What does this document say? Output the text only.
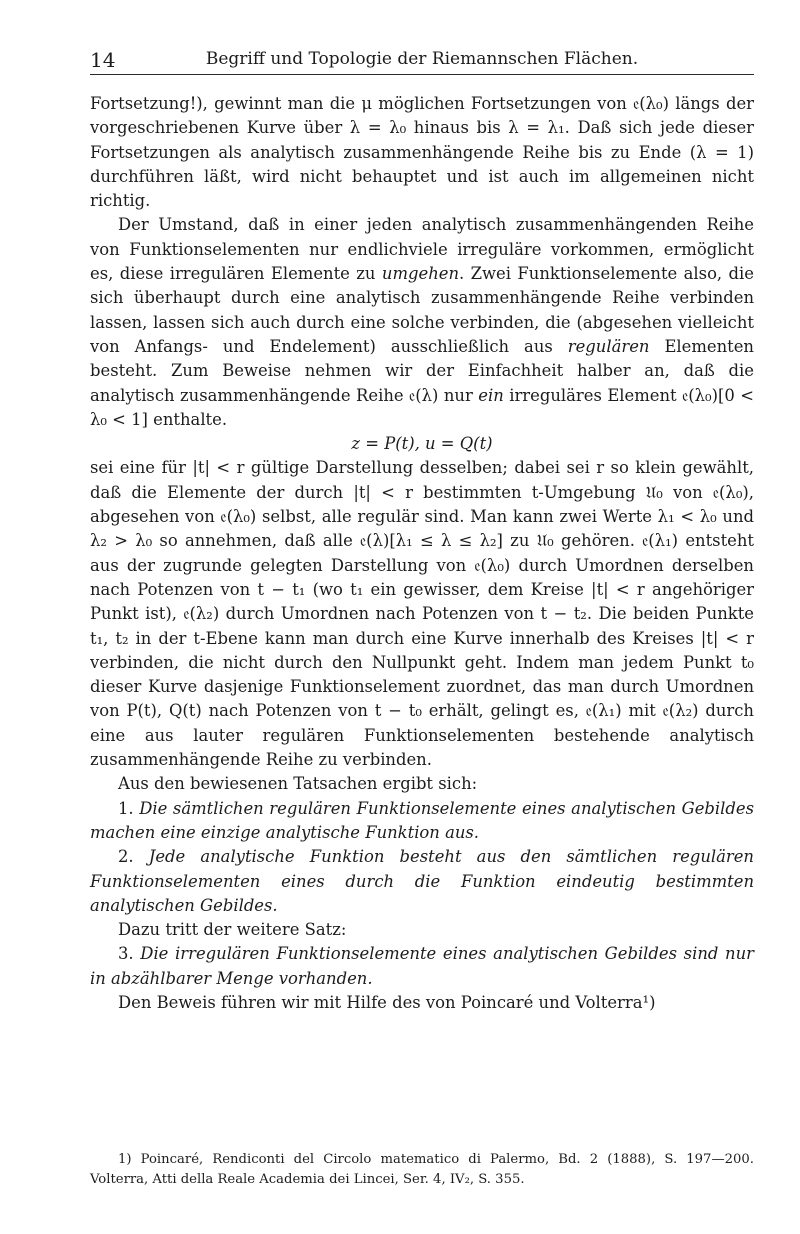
14	Begriff und Topologie der Riemannschen Flächen.

Fortsetzung!), gewinnt man die μ möglichen Fortsetzungen von 𝔢(λ₀) längs der vorgeschriebenen Kurve über λ = λ₀ hinaus bis λ = λ₁. Daß sich jede dieser Fortsetzungen als analytisch zusammenhängende Reihe bis zu Ende (λ = 1) durchführen läßt, wird nicht behauptet und ist auch im allgemeinen nicht richtig.

Der Umstand, daß in einer jeden analytisch zusammenhängenden Reihe von Funktionselementen nur endlichviele irreguläre vorkommen, ermöglicht es, diese irregulären Elemente zu umgehen. Zwei Funktionselemente also, die sich überhaupt durch eine analytisch zusammenhängende Reihe verbinden lassen, lassen sich auch durch eine solche verbinden, die (abgesehen vielleicht von Anfangs- und Endelement) ausschließlich aus regulären Elementen besteht. Zum Beweise nehmen wir der Einfachheit halber an, daß die analytisch zusammenhängende Reihe 𝔢(λ) nur ein irreguläres Element 𝔢(λ₀)[0 < λ₀ < 1] enthalte.

z = P(t), u = Q(t)

sei eine für |t| < r gültige Darstellung desselben; dabei sei r so klein gewählt, daß die Elemente der durch |t| < r bestimmten t-Umgebung 𝔘₀ von 𝔢(λ₀), abgesehen von 𝔢(λ₀) selbst, alle regulär sind. Man kann zwei Werte λ₁ < λ₀ und λ₂ > λ₀ so annehmen, daß alle 𝔢(λ)[λ₁ ≤ λ ≤ λ₂] zu 𝔘₀ gehören. 𝔢(λ₁) entsteht aus der zugrunde gelegten Darstellung von 𝔢(λ₀) durch Umordnen derselben nach Potenzen von t − t₁ (wo t₁ ein gewisser, dem Kreise |t| < r angehöriger Punkt ist), 𝔢(λ₂) durch Umordnen nach Potenzen von t − t₂. Die beiden Punkte t₁, t₂ in der t-Ebene kann man durch eine Kurve innerhalb des Kreises |t| < r verbinden, die nicht durch den Nullpunkt geht. Indem man jedem Punkt t₀ dieser Kurve dasjenige Funktionselement zuordnet, das man durch Umordnen von P(t), Q(t) nach Potenzen von t − t₀ erhält, gelingt es, 𝔢(λ₁) mit 𝔢(λ₂) durch eine aus lauter regulären Funktionselementen bestehende analytisch zusammenhängende Reihe zu verbinden.

Aus den bewiesenen Tatsachen ergibt sich:

1. Die sämtlichen regulären Funktionselemente eines analytischen Gebildes machen eine einzige analytische Funktion aus.

2. Jede analytische Funktion besteht aus den sämtlichen regulären Funktionselementen eines durch die Funktion eindeutig bestimmten analytischen Gebildes.

Dazu tritt der weitere Satz:

3. Die irregulären Funktionselemente eines analytischen Gebildes sind nur in abzählbarer Menge vorhanden.

Den Beweis führen wir mit Hilfe des von Poincaré und Volterra¹)

1) Poincaré, Rendiconti del Circolo matematico di Palermo, Bd. 2 (1888), S. 197—200. Volterra, Atti della Reale Academia dei Lincei, Ser. 4, IV₂, S. 355.
